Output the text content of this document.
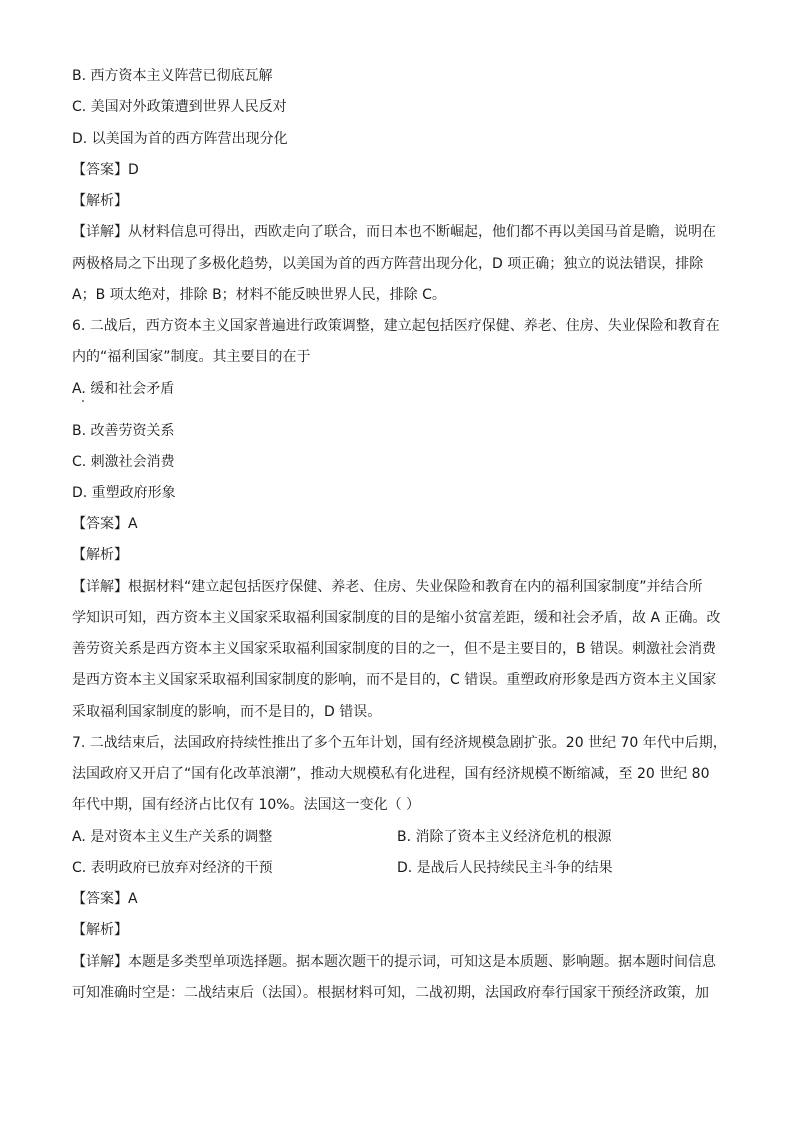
B. 西方资本主义阵营已彻底瓦解
C. 美国对外政策遭到世界人民反对
D. 以美国为首的西方阵营出现分化
【答案】D
【解析】
【详解】从材料信息可得出，西欧走向了联合，而日本也不断崛起，他们都不再以美国马首是瞻，说明在
两极格局之下出现了多极化趋势，以美国为首的西方阵营出现分化，D 项正确；独立的说法错误，排除
A；B 项太绝对，排除 B；材料不能反映世界人民，排除 C。
6. 二战后，西方资本主义国家普遍进行政策调整，建立起包括医疗保健、养老、住房、失业保险和教育在
内的“福利国家”制度。其主要目的在于
A. 缓和社会矛盾
B. 改善劳资关系
C. 刺激社会消费
D. 重塑政府形象
【答案】A
【解析】
【详解】根据材料“建立起包括医疗保健、养老、住房、失业保险和教育在内的福利国家制度”并结合所
学知识可知，西方资本主义国家采取福利国家制度的目的是缩小贫富差距，缓和社会矛盾，故 A 正确。改
善劳资关系是西方资本主义国家采取福利国家制度的目的之一，但不是主要目的，B 错误。刺激社会消费
是西方资本主义国家采取福利国家制度的影响，而不是目的，C 错误。重塑政府形象是西方资本主义国家
采取福利国家制度的影响，而不是目的，D 错误。
7. 二战结束后，法国政府持续性推出了多个五年计划，国有经济规模急剧扩张。20 世纪 70 年代中后期，
法国政府又开启了“国有化改革浪潮”，推动大规模私有化进程，国有经济规模不断缩减，至 20 世纪 80
年代中期，国有经济占比仅有 10%。法国这一变化（ ）
A. 是对资本主义生产关系的调整	B. 消除了资本主义经济危机的根源
C. 表明政府已放弃对经济的干预	D. 是战后人民持续民主斗争的结果
【答案】A
【解析】
【详解】本题是多类型单项选择题。据本题次题干的提示词，可知这是本质题、影响题。据本题时间信息
可知准确时空是：二战结束后（法国）。根据材料可知，二战初期，法国政府奉行国家干预经济政策，加
